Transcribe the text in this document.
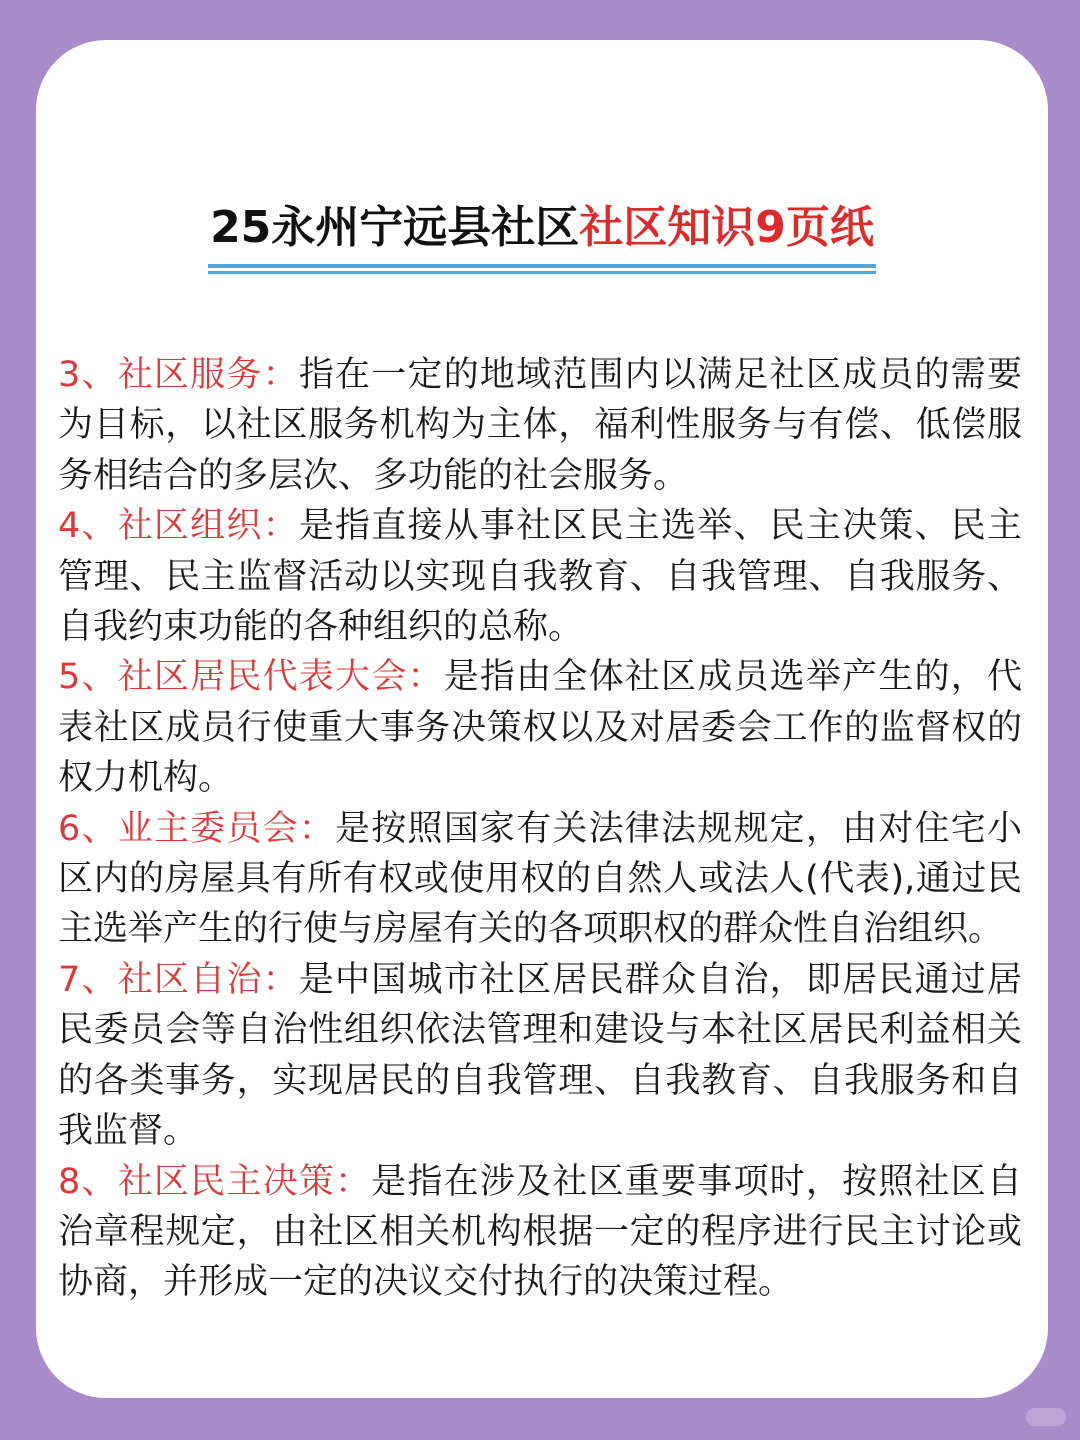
25永州宁远县社区社区知识9页纸

3、社区服务：指在一定的地域范围内以满足社区成员的需要为目标，以社区服务机构为主体，福利性服务与有偿、低偿服务相结合的多层次、多功能的社会服务。

4、社区组织：是指直接从事社区民主选举、民主决策、民主管理、民主监督活动以实现自我教育、自我管理、自我服务、自我约束功能的各种组织的总称。

5、社区居民代表大会：是指由全体社区成员选举产生的，代表社区成员行使重大事务决策权以及对居委会工作的监督权的权力机构。

6、业主委员会：是按照国家有关法律法规规定，由对住宅小区内的房屋具有所有权或使用权的自然人或法人(代表),通过民主选举产生的行使与房屋有关的各项职权的群众性自治组织。

7、社区自治：是中国城市社区居民群众自治，即居民通过居民委员会等自治性组织依法管理和建设与本社区居民利益相关的各类事务，实现居民的自我管理、自我教育、自我服务和自我监督。

8、社区民主决策：是指在涉及社区重要事项时，按照社区自治章程规定，由社区相关机构根据一定的程序进行民主讨论或协商，并形成一定的决议交付执行的决策过程。
